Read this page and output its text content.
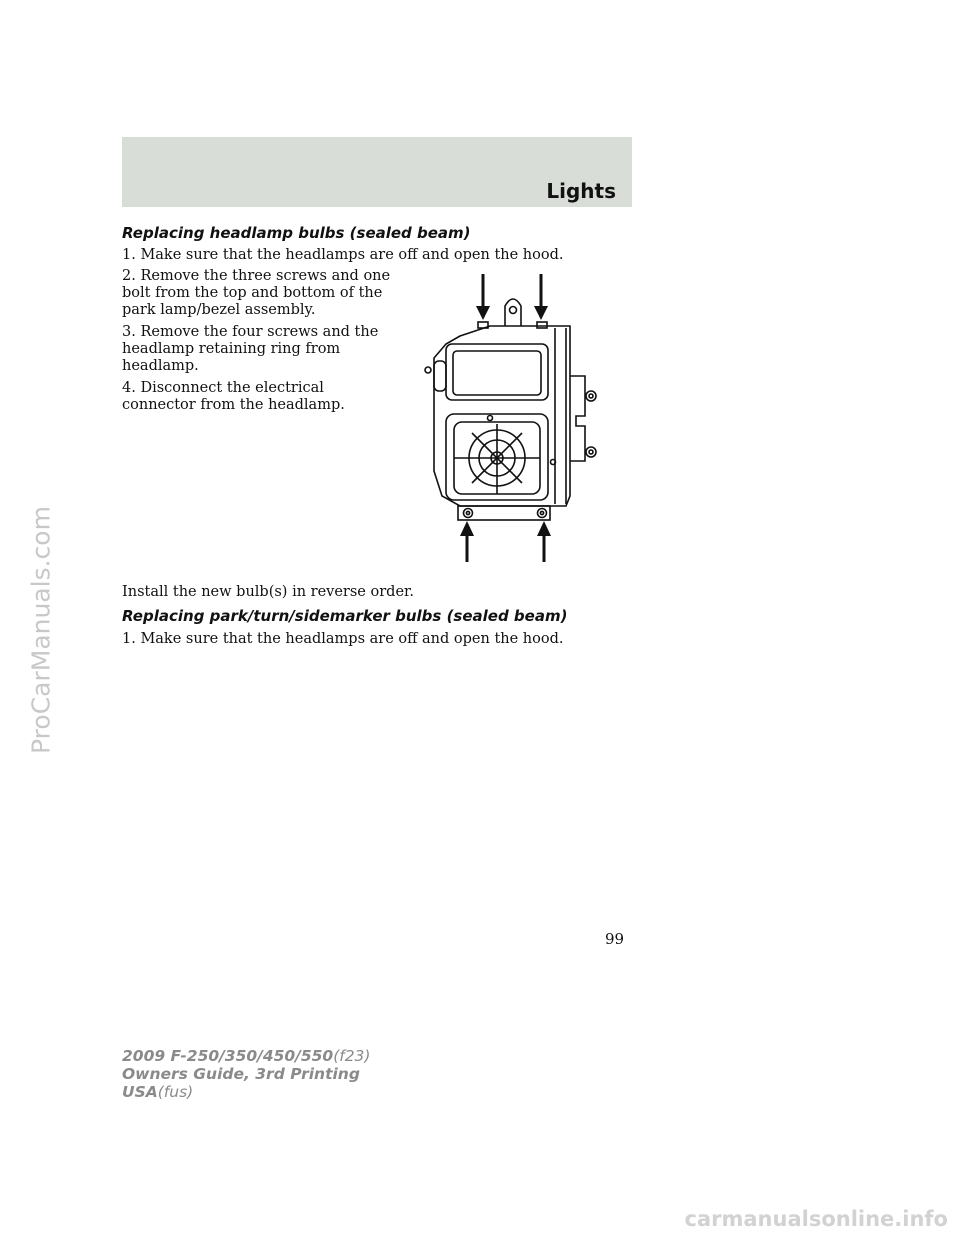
Lights
Replacing headlamp bulbs (sealed beam)

1. Make sure that the headlamps are off and open the hood.

2. Remove the three screws and one

bolt from the top and bottom of the

park lamp/bezel assembly.

3. Remove the four screws and the

headlamp retaining ring from

headlamp.

4. Disconnect the electrical

connector from the headlamp.

Install the new bulb(s) in reverse order.

Replacing park/turn/sidemarker bulbs (sealed beam)

1. Make sure that the headlamps are off and open the hood.

99
2009 F-250/350/450/550(f23)
Owners Guide, 3rd Printing
USA(fus)
ProCarManuals.com
carmanualsonline.info
